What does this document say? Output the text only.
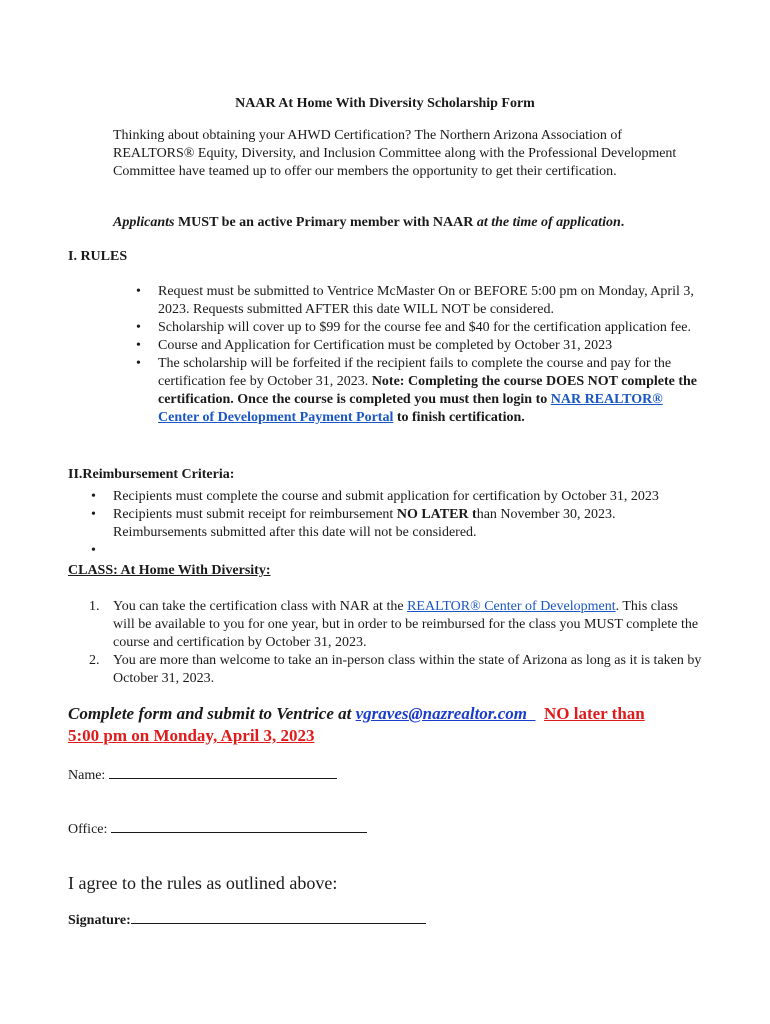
NAAR At Home With Diversity Scholarship Form
Thinking about obtaining your AHWD Certification? The Northern Arizona Association of REALTORS® Equity, Diversity, and Inclusion Committee along with the Professional Development Committee have teamed up to offer our members the opportunity to get their certification.
Applicants MUST be an active Primary member with NAAR at the time of application.
I. RULES
• Request must be submitted to Ventrice McMaster On or BEFORE 5:00 pm on Monday, April 3, 2023. Requests submitted AFTER this date WILL NOT be considered.
• Scholarship will cover up to $99 for the course fee and $40 for the certification application fee.
• Course and Application for Certification must be completed by October 31, 2023
• The scholarship will be forfeited if the recipient fails to complete the course and pay for the certification fee by October 31, 2023. Note: Completing the course DOES NOT complete the certification. Once the course is completed you must then login to NAR REALTOR® Center of Development Payment Portal to finish certification.
II.Reimbursement Criteria:
• Recipients must complete the course and submit application for certification by October 31, 2023
• Recipients must submit receipt for reimbursement NO LATER than November 30, 2023. Reimbursements submitted after this date will not be considered.
•

CLASS: At Home With Diversity:
1. You can take the certification class with NAR at the REALTOR® Center of Development. This class will be available to you for one year, but in order to be reimbursed for the class you MUST complete the course and certification by October 31, 2023.
2. You are more than welcome to take an in-person class within the state of Arizona as long as it is taken by October 31, 2023.
Complete form and submit to Ventrice at vgraves@nazrealtor.com NO later than
5:00 pm on Monday, April 3, 2023
Name:
Office:
I agree to the rules as outlined above:
Signature:
